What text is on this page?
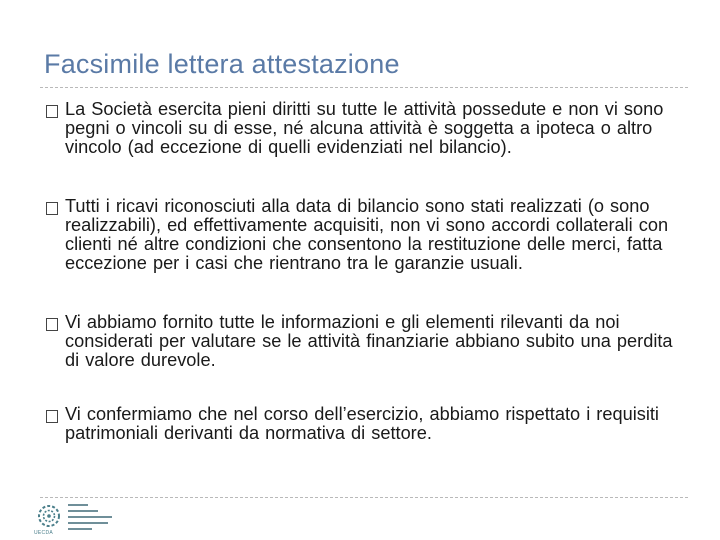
Facsimile lettera attestazione
La Società esercita pieni diritti su tutte le attività possedute e non vi sono pegni o vincoli su di esse, né alcuna attività è soggetta a ipoteca o altro vincolo (ad eccezione di quelli evidenziati nel bilancio).
Tutti i ricavi riconosciuti alla data di bilancio sono stati realizzati (o sono realizzabili), ed effettivamente acquisiti, non vi sono accordi collaterali con clienti né altre condizioni che consentono la restituzione delle merci, fatta eccezione per i casi che rientrano tra le garanzie usuali.
Vi abbiamo fornito tutte le informazioni e gli elementi rilevanti da noi considerati per valutare se le attività finanziarie abbiano subito una perdita di valore durevole.
Vi confermiamo che nel corso dell’esercizio, abbiamo rispettato i requisiti patrimoniali derivanti da normativa di settore.
UECDA
